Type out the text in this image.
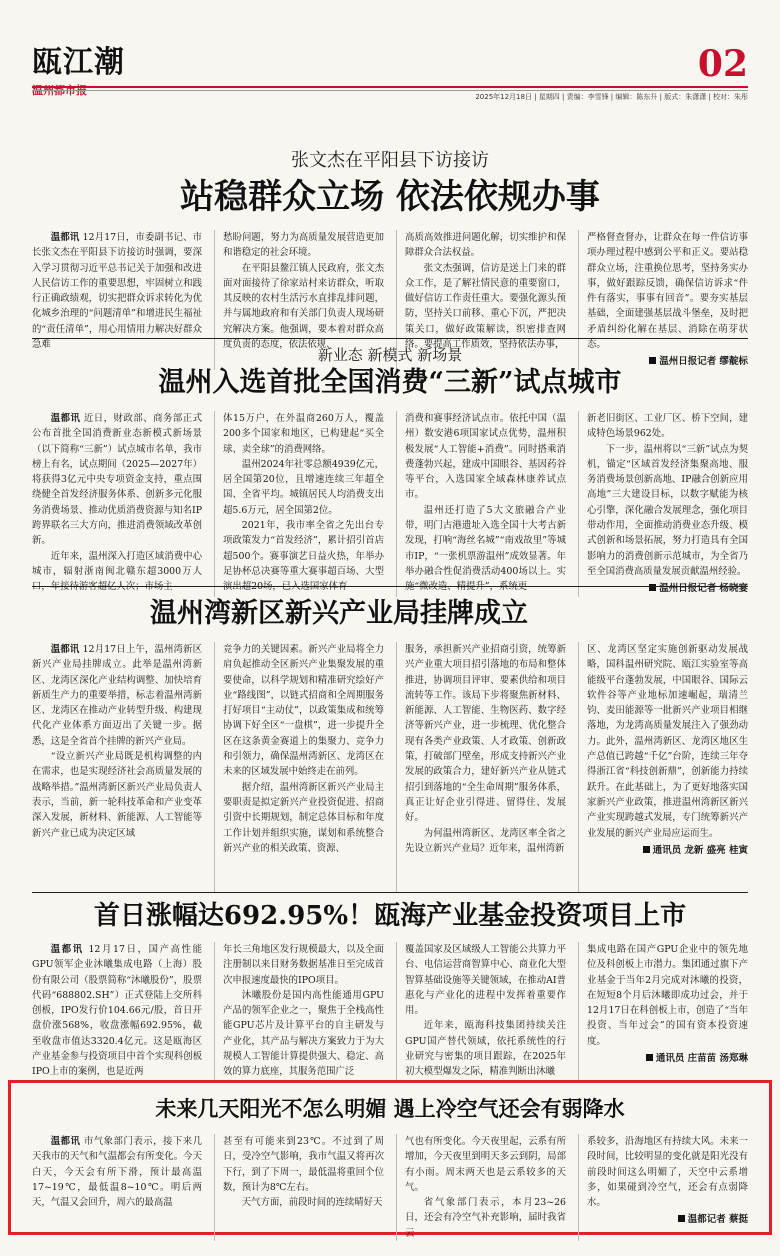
瓯江潮
温州都市报
02
2025年12月18日 | 星期四 | 责编：李雪锋 | 编辑：陈东升 | 版式：朱潇潇 | 校对：朱彤
张文杰在平阳县下访接访
站稳群众立场 依法依规办事

温都讯 12月17日，市委副书记、市长张文杰在平阳县下访接访时强调，要深入学习贯彻习近平总书记关于加强和改进人民信访工作的重要思想，牢固树立和践行正确政绩观，切实把群众诉求转化为优化城乡治理的“问题清单”和增进民生福祉的“责任清单”，用心用情用力解决好群众急难

愁盼问题，努力为高质量发展营造更加和谐稳定的社会环境。

在平阳县鳌江镇人民政府，张文杰面对面接待了徐家站村来访群众，听取其反映的农村生活污水直排乱排问题，并与属地政府和有关部门负责人现场研究解决方案。他强调，要本着对群众高度负责的态度，依法依规、

高质高效推进问题化解，切实维护和保障群众合法权益。

张文杰强调，信访是送上门来的群众工作，是了解社情民意的重要窗口，做好信访工作责任重大。要强化源头预防，坚持关口前移、重心下沉，严把决策关口，做好政策解读，织密排查网络。要提高工作质效，坚持依法办事，

严格督查督办，让群众在每一件信访事项办理过程中感到公平和正义。要站稳群众立场，注重换位思考，坚持务实办事，做好跟踪反馈，确保信访诉求“件件有落实，事事有回音”。要夯实基层基础，全面建强基层战斗堡垒，及时把矛盾纠纷化解在基层、消除在萌芽状态。

温州日报记者 缪靛标
新业态 新模式 新场景
温州入选首批全国消费“三新”试点城市

温都讯 近日，财政部、商务部正式公布首批全国消费新业态新模式新场景（以下简称“三新”）试点城市名单，我市榜上有名，试点期间（2025—2027年）将获得3亿元中央专项资金支持，重点围绕健全首发经济服务体系、创新多元化服务消费场景、推动优质消费资源与知名IP跨界联名三大方向，推进消费领域改革创新。

近年来，温州深入打造区域消费中心城市，辐射浙南闽北赣东超3000万人口，年接待游客超亿人次；市场主

体15万户，在外温商260万人，覆盖200多个国家和地区，已构建起“买全球、卖全球”的消费网络。

温州2024年社零总额4939亿元，居全国第20位，且增速连续三年超全国、全省平均。城镇居民人均消费支出超5.6万元，居全国第2位。

2021年，我市率全省之先出台专项政策发力“首发经济”，累计招引首店超500个。赛事演艺日益火热，年举办足协杯总决赛等重大赛事超百场、大型演出超20场，已入选国家体育

消费和赛事经济试点市。依托中国（温州）数安港6项国家试点优势，温州积极发展“人工智能+消费”。同时搭乘消费蓬勃兴起，建成中国眼谷、基因药谷等平台，入选国家全域森林康养试点市。

温州还打造了5大文旅融合产业带，明门古港遗址入选全国十大考古新发现，打响“海丝名城”“南戏故里”等城市IP，“一张机票游温州”成效显著。年举办融合性促消费活动400场以上。实施“微改造、精提升”，系统更

新老旧街区、工业厂区、桥下空间，建成特色场景962处。

下一步，温州将以“三新”试点为契机，锚定“区域首发经济集聚高地、服务消费场景创新高地、IP融合创新应用高地”三大建设目标，以数字赋能为核心引擎，深化融合发展理念，强化项目带动作用，全面推动消费业态升级、模式创新和场景拓展，努力打造具有全国影响力的消费创新示范城市，为全省乃至全国消费高质量发展贡献温州经验。

温州日报记者 杨晓宴
温州湾新区新兴产业局挂牌成立

温都讯 12月17日上午，温州湾新区新兴产业局挂牌成立。此举是温州湾新区、龙湾区深化产业结构调整、加快培育新质生产力的重要举措，标志着温州湾新区、龙湾区在推动产业转型升级、构建现代化产业体系方面迈出了关键一步。据悉，这是全省首个挂牌的新兴产业局。

“设立新兴产业局既是机构调整的内在需求，也是实现经济社会高质量发展的战略举措。”温州湾新区新兴产业局负责人表示，当前，新一轮科技革命和产业变革深入发展，新材料、新能源、人工智能等新兴产业已成为决定区域

竞争力的关键因素。新兴产业局将全力肩负起推动全区新兴产业集聚发展的重要使命，以科学规划和精准研究绘好产业“路线图”，以链式招商和全周期服务打好项目“主动仗”，以政策集成和统筹协调下好全区“一盘棋”，进一步提升全区在这条黄金赛道上的集聚力、竞争力和引领力，确保温州湾新区、龙湾区在未来的区域发展中始终走在前列。

据介绍，温州湾新区新兴产业局主要职责是拟定新兴产业投资促进、招商引资中长期规划，制定总体目标和年度工作计划并组织实施，谋划和系统整合新兴产业的相关政策、资源、

服务，承担新兴产业招商引资，统筹新兴产业重大项目招引落地的布局和整体推进，协调项目评审、要素供给和项目流转等工作。该局下步将聚焦新材料、新能源、人工智能、生物医药、数字经济等新兴产业，进一步梳理、优化整合现有各类产业政策、人才政策、创新政策，打破部门壁垒，形成支持新兴产业发展的政策合力，建好新兴产业从链式招引到落地的“全生命周期”服务体系，真正让好企业引得进、留得住、发展好。

为何温州湾新区、龙湾区率全省之先设立新兴产业局？近年来，温州湾新

区、龙湾区坚定实施创新驱动发展战略，国科温州研究院、瓯江实验室等高能级平台蓬勃发展，中国眼谷、国际云软件谷等产业地标加速崛起，瑞清兰钧、麦田能源等一批新兴产业项目相继落地，为龙湾高质量发展注入了强劲动力。此外，温州湾新区、龙湾区地区生产总值已跨越“千亿”台阶，连续三年夺得浙江省“科技创新鼎”，创新能力持续跃升。在此基础上，为了更好地落实国家新兴产业政策，推进温州湾新区新兴产业实现跨越式发展，专门统筹新兴产业发展的新兴产业局应运而生。

通讯员 龙新 盛亮 桂寅
首日涨幅达692.95%！瓯海产业基金投资项目上市

温都讯 12月17日，国产高性能GPU领军企业沐曦集成电路（上海）股份有限公司（股票简称“沐曦股份”，股票代码“688802.SH”）正式登陆上交所科创板，IPO发行价104.66元/股，首日开盘价涨568%，收盘涨幅692.95%，截至收盘市值达3320.4亿元。这是瓯海区产业基金参与投资项目中首个实现科创板IPO上市的案例，也是近两

年长三角地区发行规模最大，以及全面注册制以来目财务数据基准日至完成首次申报速度最快的IPO项目。

沐曦股份是国内高性能通用GPU产品的领军企业之一，聚焦于全栈高性能GPU芯片及计算平台的自主研发与产业化，其产品与解决方案致力于为大规模人工智能计算提供强大、稳定、高效的算力底座，其服务范围广泛

覆盖国家及区域级人工智能公共算力平台、电信运营商智算中心、商业化大型智算基础设施等关键领域，在推动AI普惠化与产业化的进程中发挥着重要作用。

近年来，瓯海科技集团持续关注GPU国产替代领域，依托系统性的行业研究与密集的项目跟踪，在2025年初大模型爆发之际，精准判断出沐曦

集成电路在国产GPU企业中的领先地位及科创板上市潜力。集团通过旗下产业基金于当年2月完成对沐曦的投资，在短短8个月后沐曦即成功过会，并于12月17日在科创板上市，创造了“当年投资、当年过会”的国有资本投资速度。

通讯员 庄苗苗 汤郑琳
未来几天阳光不怎么明媚 遇上冷空气还会有弱降水

温都讯 市气象部门表示，接下来几天我市的天气和气温都会有所变化。今天白天，今天会有所下滑，预计最高温17~19℃，最低温8~10℃。明后两天，气温又会回升，周六的最高温

甚至有可能来到23℃。不过到了周日，受冷空气影响，我市气温又将再次下行，到了下周一，最低温将重回个位数，预计为8℃左右。

天气方面，前段时间的连续晴好天

气也有所变化。今天夜里起，云系有所增加，今天夜里到明天多云到阴，局部有小雨。周末两天也是云系较多的天气。

省气象部门表示，本月23~26日，还会有冷空气补充影响，届时我省云

系较多，沿海地区有持续大风。未来一段时间，比较明显的变化就是阳光没有前段时间这么明媚了，天空中云系增多，如果碰到冷空气，还会有点弱降水。

温都记者 蔡挺
